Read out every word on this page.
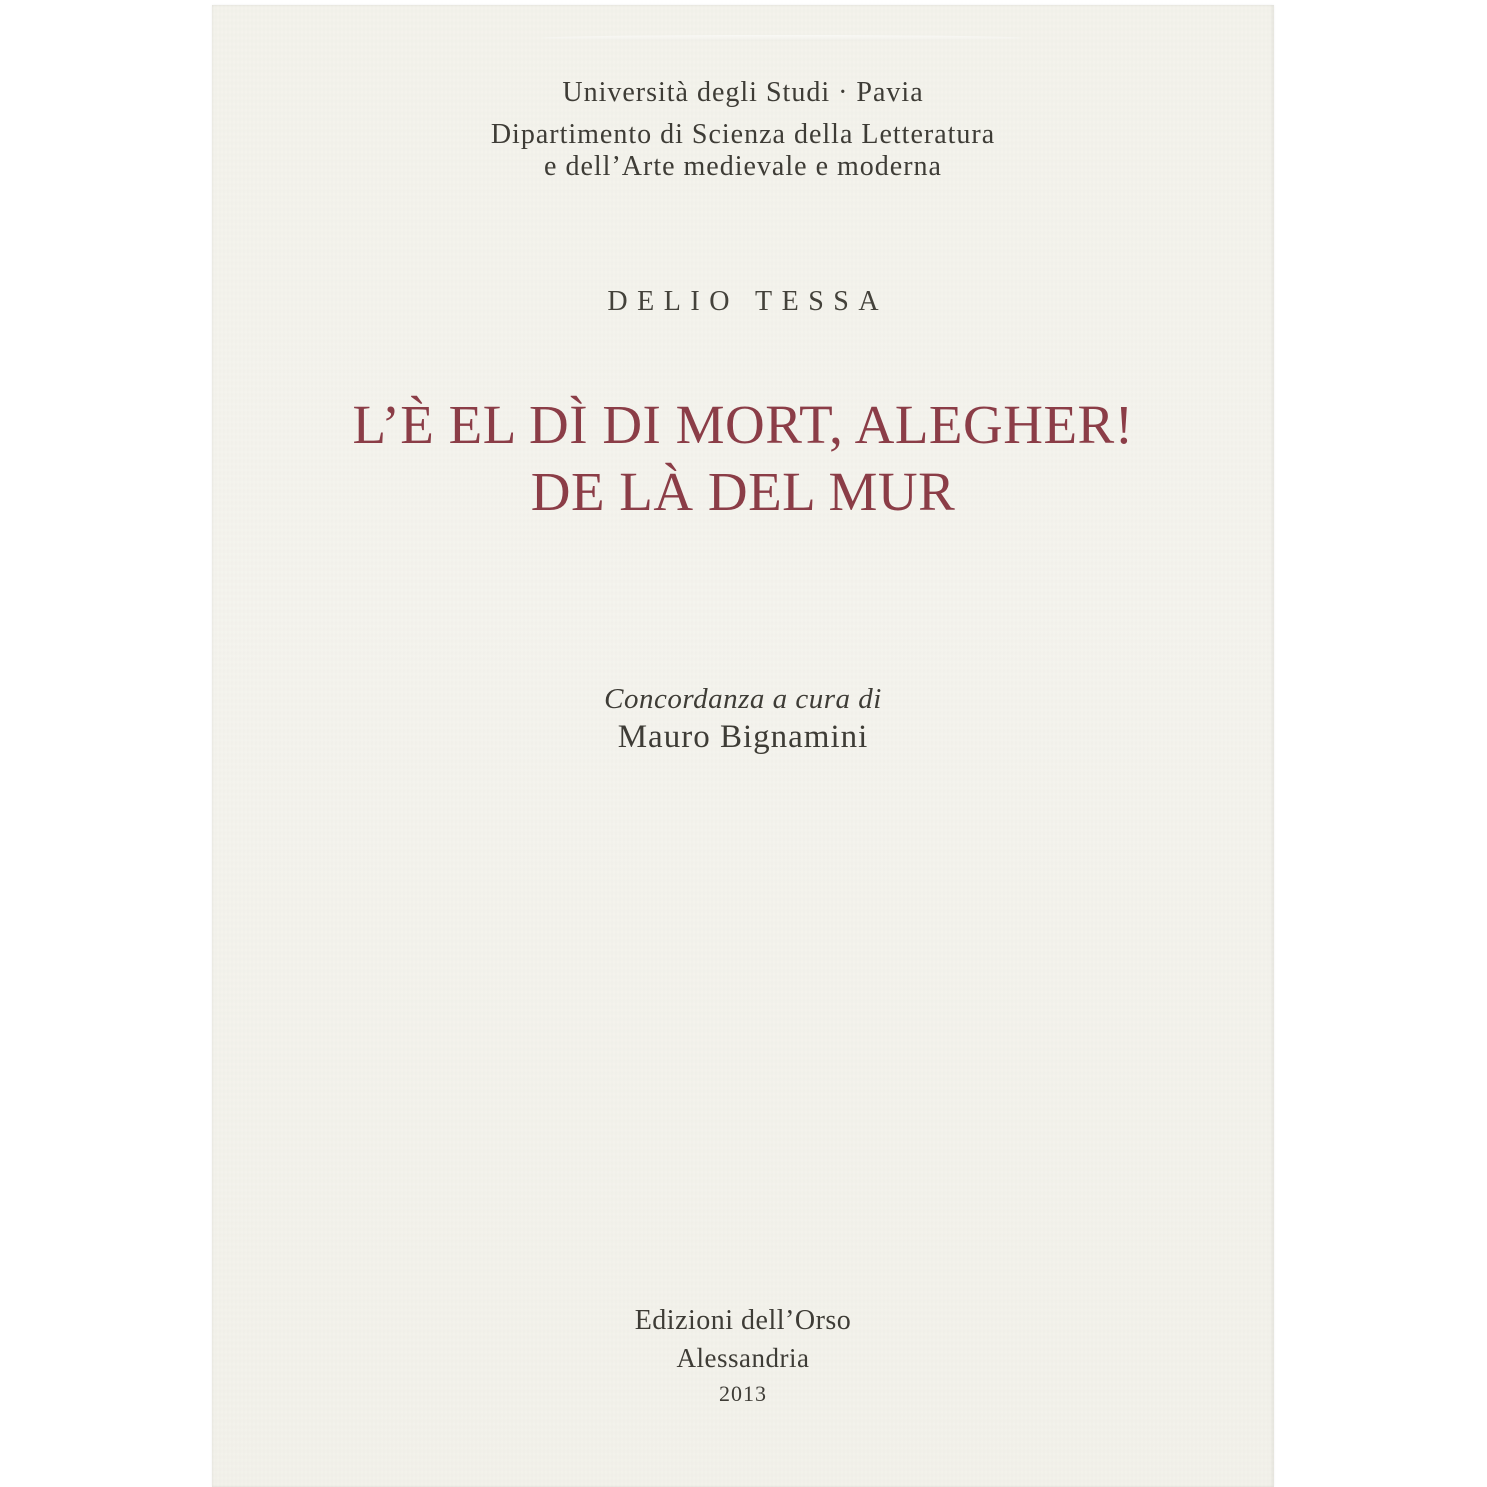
Università degli Studi · Pavia
Dipartimento di Scienza della Letteratura
e dell’Arte medievale e moderna
DELIO TESSA
L’È EL DÌ DI MORT, ALEGHER!
DE LÀ DEL MUR
Concordanza a cura di
Mauro Bignamini
Edizioni dell’Orso
Alessandria
2013
